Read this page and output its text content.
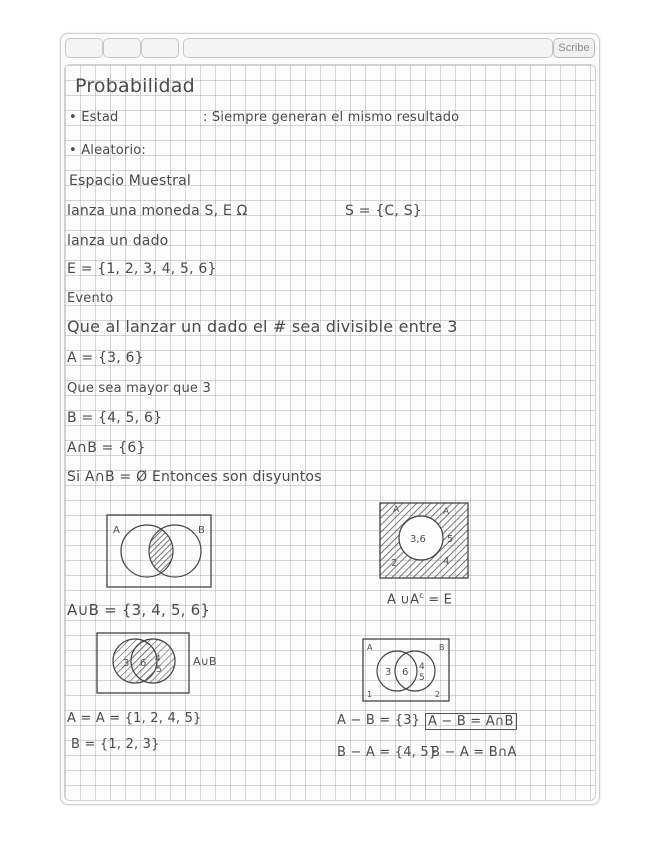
Scribe
Probabilidad
• Estad	: Siempre generan el mismo resultado
• Aleatorio:
Espacio Muestral
lanza una moneda S, E Ω	S = {C, S}
lanza un dado
E = {1, 2, 3, 4, 5, 6}
Evento
Que al lanzar un dado el # sea divisible entre 3
A = {3, 6}
Que sea mayor que 3
B = {4, 5, 6}
A∩B = {6}
Si A∩B = Ø Entonces son disyuntos
A	B
A∪B = {3, 4, 5, 6}
A	A
3,6 5
2	4
A $\cup A^c = E$
3 6 4
5
A∪B
A	B
3 6 4
5
1	2
A = A = {1, 2, 4, 5}
B = {1, 2, 3}
A − B = {3} A − B = A∩B
B − A = {4, 5}
B − A = B∩A
